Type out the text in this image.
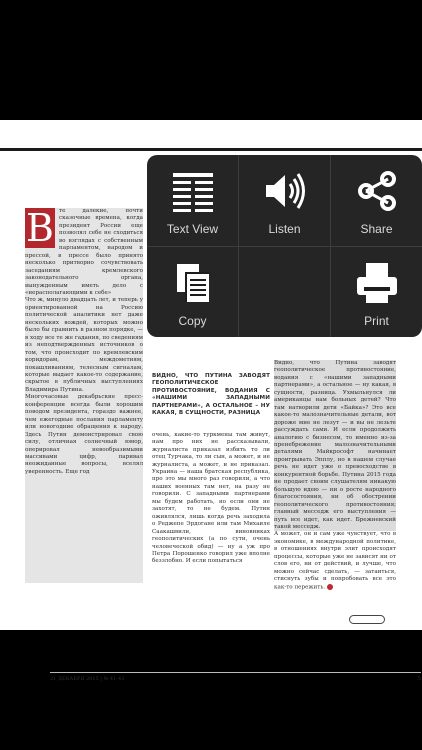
В те далекие, почти сказочные времена, когда президент России еще позволял себе не сходиться во взглядах с собственным парламентом, народом и прессой, в прессе было принято несколько притворно сочувствовать заседаниям кремлевского законодательного органа, вынужденным иметь дело с «нерасполагающими к себе»

Что ж, минуло двадцать лет, и теперь у ориентированной на Россию политической аналитики нет даже нескольких вождей, которых можно было бы сравнить в разном порядке, — в ходу все те же гадания, по сведениям из неподтвержденных источников о том, что происходит по кремлевским коридорам, междометиям, покашливаниям, телесным сигналам, которые выдает какое-то содержание, скрытое в публичных выступлениях Владимира Путина.

Многочасовые декабрьские пресс-конференции всегда были хорошим поводом президента, гораздо важнее, чем ежегодные послания парламенту или новогодние обращения к народу. Здесь Путин демонстрировал свою силу, отличная солнечный юмор, оперировал невообразимыми массивами цифр, паривал неожиданные вопросы, вселял уверенность. Еще год

ВИДНО, ЧТО ПУТИНА ЗАВОДЯТ ГЕОПОЛИТИЧЕСКОЕ ПРОТИВОСТОЯНИЕ, ВОДАНИЯ С «НАШИМИ ЗАПАДНЫМИ ПАРТНЕРАМИ», А ОСТАЛЬНОЕ – НУ КАКАЯ, В СУЩНОСТИ, РАЗНИЦА

очень, какие-то туркмены там живут, нам про них не рассказывали, журналиста приказал избить то ли отец Турчака, то ли сын, а может, и не журналиста, а может, и не приказал. Украина — наша братская республика, про это мы много раз говорили, а что наших военных там нет, на разу не говорили. С западными партнерами мы будем работать, но если они не захотят, то не будем. Путин оживлялся, лишь когда речь заходила о Реджепе Эрдогане или там Михаиле Саакашвили, виновниках геополитических (а по сути, очень человеческой обид) — ну а уж про Петра Порошенко говорил уже вполне беззлобно. И если попытаться

Видно, что Путина заводят геополитическое противостояние, водания с «нашими западными партнерами», а остальное — ну какая, в сущности, разница. Ухмыльнулся ли американцы нам больных детей? Что там натворили дети «Байка»? Это все какое-то малозначительные детали, вот дороже мне не лезут — и вы не лезьте рассуждать сами. И если продолжить аналогию с бизнесом, то именно из-за пренебрежение малозначительными деталями Майкрософт начинает проигрывать Эпплу, но в нашем случае речь не идет уже о превосходстве в конкурентной борьбе. Путина 2015 года не продает своим слушателям никакую большую идею — ни о росте народного благосостояния, ни об обострении геополитического противостояния; главный месседж его выступления — путь все идет, как идет. Брежневский такой месседж.

А может, он и сам уже чувствует, что в экономике, в международной политике, в отношениях внутри элит происходят процессы, которые уже не зависят ни от слов его, ни от действий, и лучше, что можно сейчас сделать, — затаиться, стиснуть зубы и попробовать все это как-то пережить.

21 ДЕКАБРЯ 2015 | № 41-43	5
Text View	Listen	Share
Copy	Print
